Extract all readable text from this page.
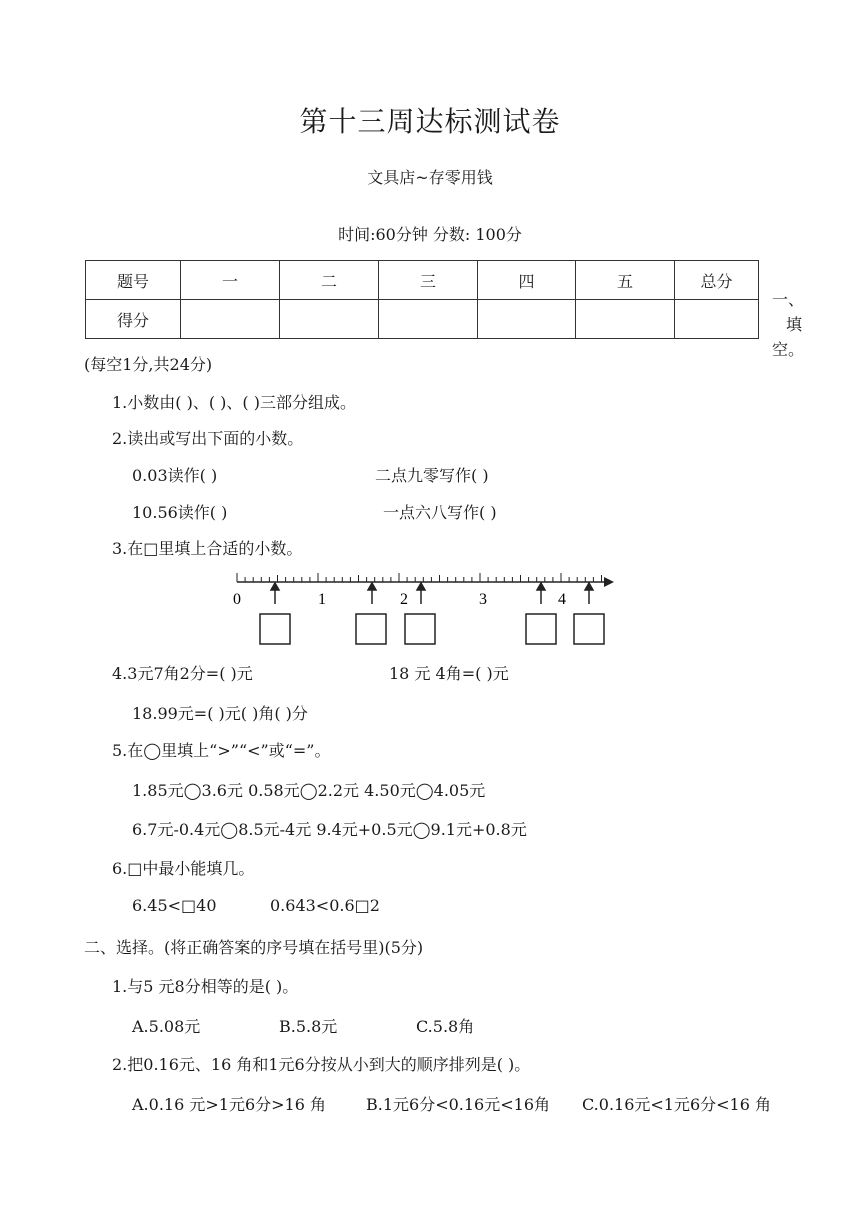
第十三周达标测试卷
文具店~存零用钱
时间:60分钟 分数: 100分
题号	一	二	三	四	五	总分
得分						
一、
填
空。
(每空1分,共24分)
1.小数由( )、( )、( )三部分组成。
2.读出或写出下面的小数。
0.03读作( )	二点九零写作( )
10.56读作( )	一点六八写作( )
3.在□里填上合适的小数。
0	1	2	3	4
4.3元7角2分=( )元	18 元 4角=( )元
18.99元=( )元( )角( )分
5.在◯里填上“>”“<”或“=”。
1.85元◯3.6元 0.58元◯2.2元 4.50元◯4.05元
6.7元-0.4元◯8.5元-4元 9.4元+0.5元◯9.1元+0.8元
6.□中最小能填几。
6.45<□40	0.643<0.6□2
二、选择。(将正确答案的序号填在括号里)(5分)
1.与5 元8分相等的是( )。
A.5.08元	B.5.8元	C.5.8角
2.把0.16元、16 角和1元6分按从小到大的顺序排列是( )。
A.0.16 元>1元6分>16 角	B.1元6分<0.16元<16角 C.0.16元<1元6分<16 角
